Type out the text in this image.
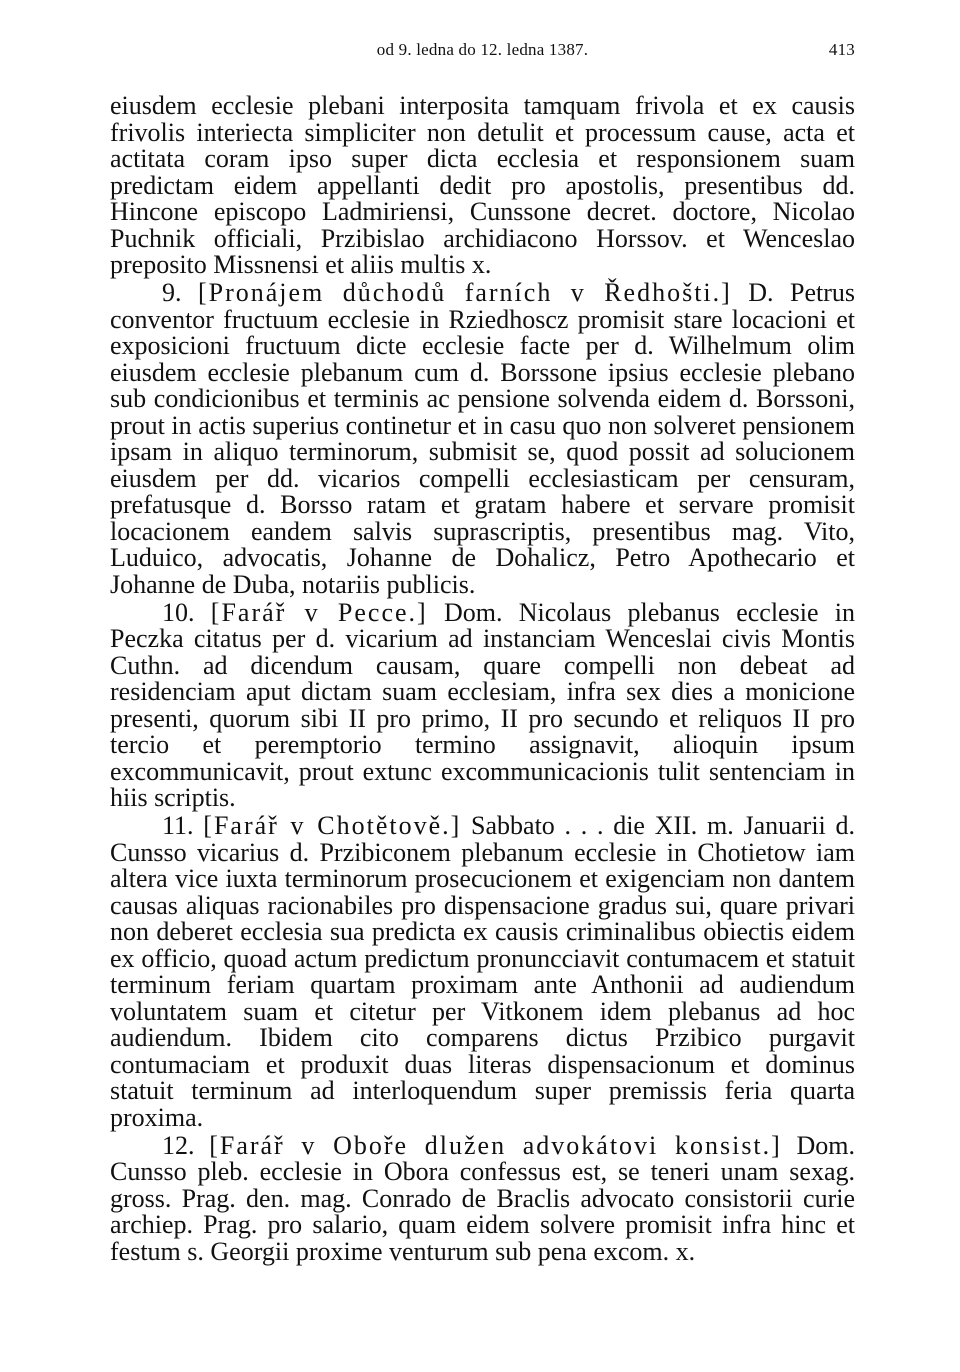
od 9. ledna do 12. ledna 1387.	413

eiusdem ecclesie plebani interposita tamquam frivola et ex causis frivolis interiecta simpliciter non detulit et processum cause, acta et actitata coram ipso super dicta ecclesia et responsionem suam predictam eidem appellanti dedit pro apostolis, presentibus dd. Hincone episcopo Ladmiriensi, Cunssone decret. doctore, Nicolao Puchnik officiali, Przibislao archidiacono Horssov. et Wenceslao preposito Missnensi et aliis multis x.

9. [Pronájem důchodů farních v Ředhošti.] D. Petrus conventor fructuum ecclesie in Rziedhoscz promisit stare locacioni et exposicioni fructuum dicte ecclesie facte per d. Wilhelmum olim eiusdem ecclesie plebanum cum d. Borssone ipsius ecclesie plebano sub condicionibus et terminis ac pensione solvenda eidem d. Borssoni, prout in actis superius continetur et in casu quo non solveret pensionem ipsam in aliquo terminorum, submisit se, quod possit ad solucionem eiusdem per dd. vicarios compelli ecclesiasticam per censuram, prefatusque d. Borsso ratam et gratam habere et servare promisit locacionem eandem salvis suprascriptis, presentibus mag. Vito, Luduico, advocatis, Johanne de Dohalicz, Petro Apothecario et Johanne de Duba, notariis publicis.

10. [Farář v Pecce.] Dom. Nicolaus plebanus ecclesie in Peczka citatus per d. vicarium ad instanciam Wenceslai civis Montis Cuthn. ad dicendum causam, quare compelli non debeat ad residenciam aput dictam suam ecclesiam, infra sex dies a monicione presenti, quorum sibi II pro primo, II pro secundo et reliquos II pro tercio et peremptorio termino assignavit, alioquin ipsum excommunicavit, prout extunc excommunicacionis tulit sentenciam in hiis scriptis.

11. [Farář v Chotětově.] Sabbato . . . die XII. m. Januarii d. Cunsso vicarius d. Przibiconem plebanum ecclesie in Chotietow iam altera vice iuxta terminorum prosecucionem et exigenciam non dantem causas aliquas racionabiles pro dispensacione gradus sui, quare privari non deberet ecclesia sua predicta ex causis criminalibus obiectis eidem ex officio, quoad actum predictum pronuncciavit contumacem et statuit terminum feriam quartam proximam ante Anthonii ad audiendum voluntatem suam et citetur per Vitkonem idem plebanus ad hoc audiendum. Ibidem cito comparens dictus Przibico purgavit contumaciam et produxit duas literas dispensacionum et dominus statuit terminum ad interloquendum super premissis feria quarta proxima.

12. [Farář v Oboře dlužen advokátovi konsist.] Dom. Cunsso pleb. ecclesie in Obora confessus est, se teneri unam sexag. gross. Prag. den. mag. Conrado de Braclis advocato consistorii curie archiep. Prag. pro salario, quam eidem solvere promisit infra hinc et festum s. Georgii proxime venturum sub pena excom. x.
